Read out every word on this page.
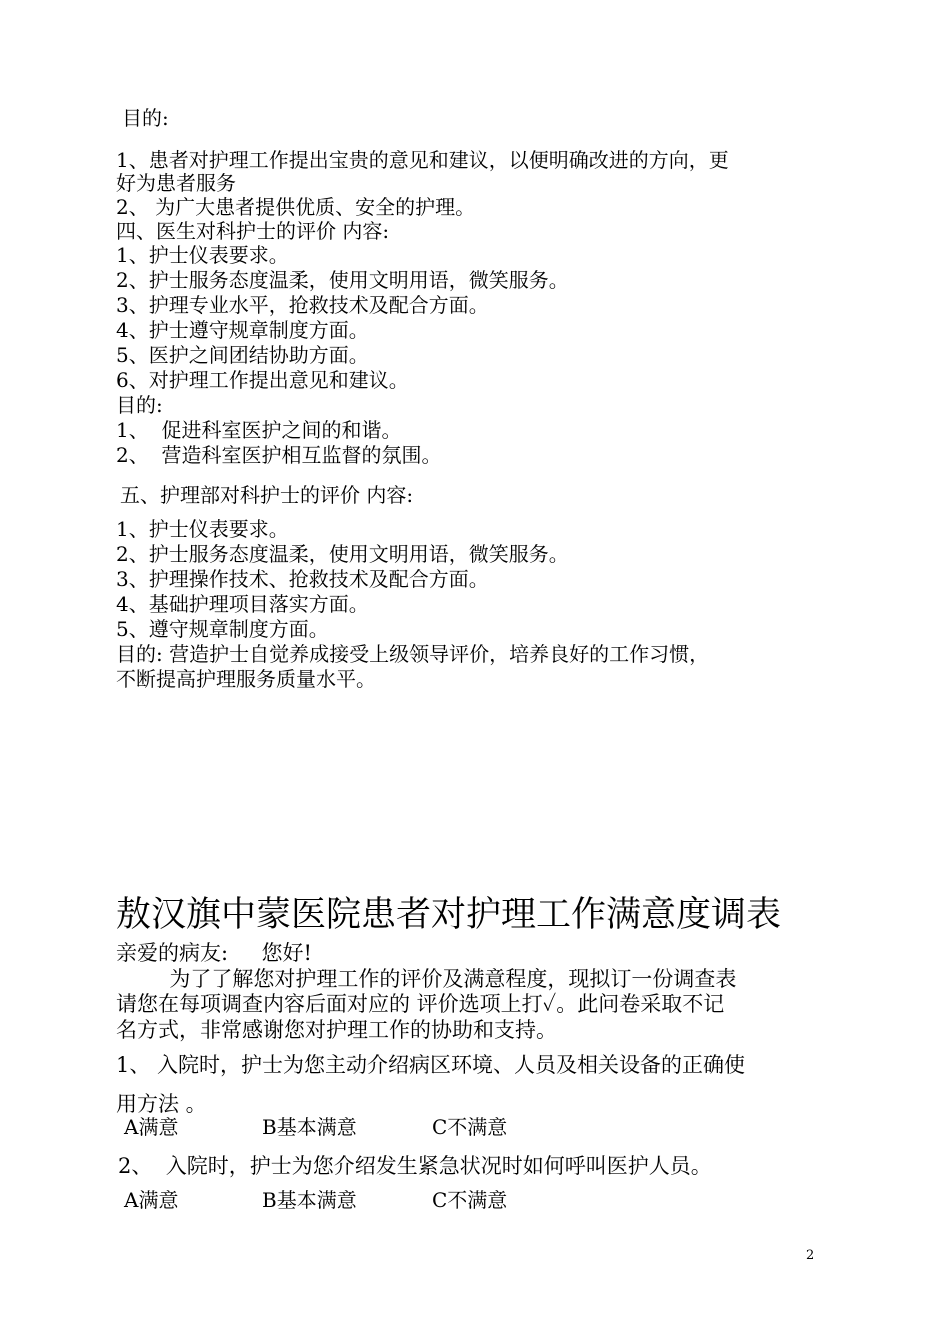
目的:
1、患者对护理工作提出宝贵的意见和建议，以便明确改进的方向，更
好为患者服务
2、 为广大患者提供优质、安全的护理。
四、医生对科护士的评价 内容:
1、护士仪表要求。
2、护士服务态度温柔，使用文明用语，微笑服务。
3、护理专业水平，抢救技术及配合方面。
4、护士遵守规章制度方面。
5、医护之间团结协助方面。
6、对护理工作提出意见和建议。
目的:
1、  促进科室医护之间的和谐。
2、  营造科室医护相互监督的氛围。
五、护理部对科护士的评价 内容:
1、护士仪表要求。
2、护士服务态度温柔，使用文明用语，微笑服务。
3、护理操作技术、抢救技术及配合方面。
4、基础护理项目落实方面。
5、遵守规章制度方面。
目的: 营造护士自觉养成接受上级领导评价，培养良好的工作习惯，
不断提高护理服务质量水平。
敖汉旗中蒙医院患者对护理工作满意度调表
亲爱的病友:     您好!
为了了解您对护理工作的评价及满意程度，现拟订一份调查表
请您在每项调查内容后面对应的 评价选项上打✓。此问卷采取不记
名方式，非常感谢您对护理工作的协助和支持。
1、 入院时，护士为您主动介绍病区环境、人员及相关设备的正确使
用方法 。
A满意	B基本满意	C不满意
2、  入院时，护士为您介绍发生紧急状况时如何呼叫医护人员。
A满意	B基本满意	C不满意
2
